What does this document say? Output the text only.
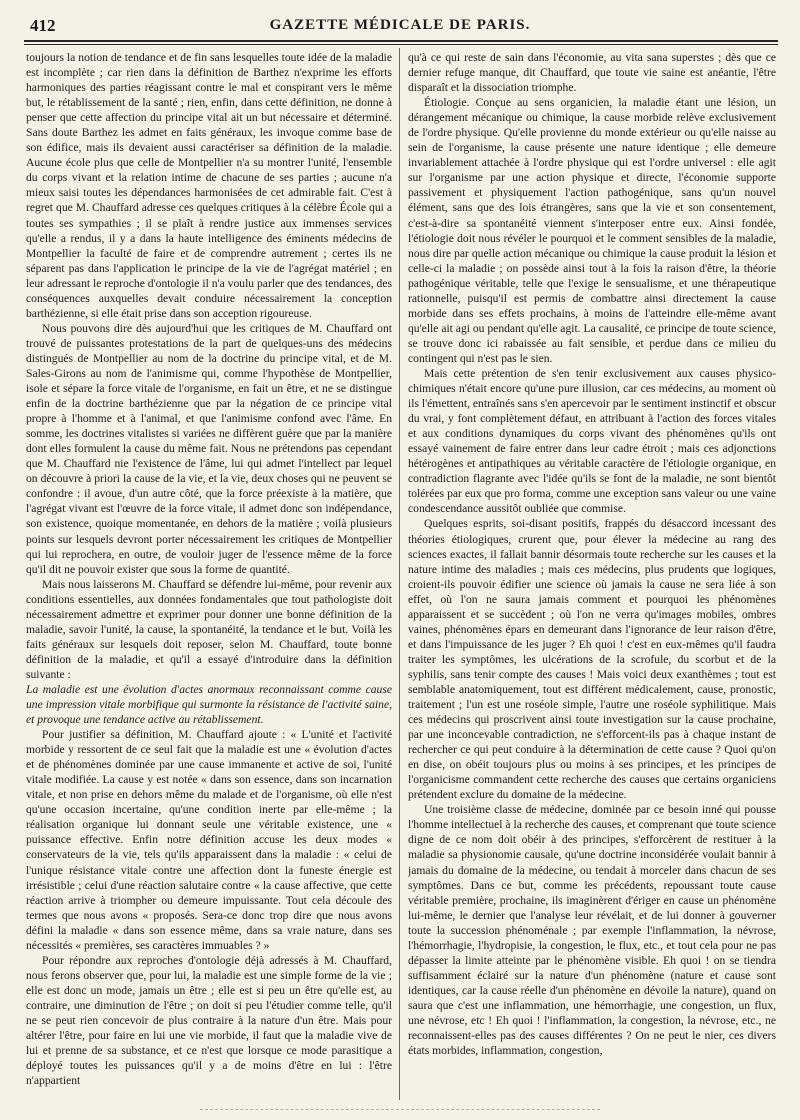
412	GAZETTE MÉDICALE DE PARIS.

toujours la notion de tendance et de fin sans lesquelles toute idée de la maladie est incomplète ; car rien dans la définition de Barthez n'exprime les efforts harmoniques des parties réagissant contre le mal et conspirant vers le même but, le rétablissement de la santé ; rien, enfin, dans cette définition, ne donne à penser que cette affection du principe vital ait un but nécessaire et déterminé. Sans doute Barthez les admet en faits généraux, les invoque comme base de son édifice, mais ils devaient aussi caractériser sa définition de la maladie. Aucune école plus que celle de Montpellier n'a su montrer l'unité, l'ensemble du corps vivant et la relation intime de chacune de ses parties ; aucune n'a mieux saisi toutes les dépendances harmonisées de cet admirable fait. C'est à regret que M. Chauffard adresse ces quelques critiques à la célèbre École qui a toutes ses sympathies ; il se plaît à rendre justice aux immenses services qu'elle a rendus, il y a dans la haute intelligence des éminents médecins de Montpellier la faculté de faire et de comprendre autrement ; certes ils ne séparent pas dans l'application le principe de la vie de l'agrégat matériel ; en leur adressant le reproche d'ontologie il n'a voulu parler que des tendances, des conséquences auxquelles devait conduire nécessairement la conception barthézienne, si elle était prise dans son acception rigoureuse.

Nous pouvons dire dès aujourd'hui que les critiques de M. Chauffard ont trouvé de puissantes protestations de la part de quelques-uns des médecins distingués de Montpellier au nom de la doctrine du principe vital, et de M. Sales-Girons au nom de l'animisme qui, comme l'hypothèse de Montpellier, isole et sépare la force vitale de l'organisme, en fait un être, et ne se distingue enfin de la doctrine barthézienne que par la négation de ce principe vital propre à l'homme et à l'animal, et que l'animisme confond avec l'âme. En somme, les doctrines vitalistes si variées ne diffèrent guère que par la manière dont elles formulent la cause du même fait. Nous ne prétendons pas cependant que M. Chauffard nie l'existence de l'âme, lui qui admet l'intellect par lequel on découvre à priori la cause de la vie, et la vie, deux choses qui ne peuvent se confondre : il avoue, d'un autre côté, que la force préexiste à la matière, que l'agrégat vivant est l'œuvre de la force vitale, il admet donc son indépendance, son existence, quoique momentanée, en dehors de la matière ; voilà plusieurs points sur lesquels devront porter nécessairement les critiques de Montpellier qui lui reprochera, en outre, de vouloir juger de l'essence même de la force qu'il dit ne pouvoir exister que sous la forme de quantité.

Mais nous laisserons M. Chauffard se défendre lui-même, pour revenir aux conditions essentielles, aux données fondamentales que tout pathologiste doit nécessairement admettre et exprimer pour donner une bonne définition de la maladie, savoir l'unité, la cause, la spontanéité, la tendance et le but. Voilà les faits généraux sur lesquels doit reposer, selon M. Chauffard, toute bonne définition de la maladie, et qu'il a essayé d'introduire dans la définition suivante :

La maladie est une évolution d'actes anormaux reconnaissant comme cause une impression vitale morbifique qui surmonte la résistance de l'activité saine, et provoque une tendance active au rétablissement.

Pour justifier sa définition, M. Chauffard ajoute : « L'unité et l'activité morbide y ressortent de ce seul fait que la maladie est une « évolution d'actes et de phénomènes dominée par une cause immanente et active de soi, l'unité vitale modifiée. La cause y est notée « dans son essence, dans son incarnation vitale, et non prise en dehors même du malade et de l'organisme, où elle n'est qu'une occasion incertaine, qu'une condition inerte par elle-même ; la réalisation organique lui donnant seule une véritable existence, une « puissance effective. Enfin notre définition accuse les deux modes « conservateurs de la vie, tels qu'ils apparaissent dans la maladie : « celui de l'unique résistance vitale contre une affection dont la funeste énergie est irrésistible ; celui d'une réaction salutaire contre « la cause affective, que cette réaction arrive à triompher ou demeure impuissante. Tout cela découle des termes que nous avons « proposés. Sera-ce donc trop dire que nous avons défini la maladie « dans son essence même, dans sa vraie nature, dans ses nécessités « premières, ses caractères immuables ? »

Pour répondre aux reproches d'ontologie déjà adressés à M. Chauffard, nous ferons observer que, pour lui, la maladie est une simple forme de la vie ; elle est donc un mode, jamais un être ; elle est si peu un être qu'elle est, au contraire, une diminution de l'être ; on doit si peu l'étudier comme telle, qu'il ne se peut rien concevoir de plus contraire à la nature d'un être. Mais pour altérer l'être, pour faire en lui une vie morbide, il faut que la maladie vive de lui et prenne de sa substance, et ce n'est que lorsque ce mode parasitique a déployé toutes les puissances qu'il y a de moins d'être en lui : l'être n'appartient

qu'à ce qui reste de sain dans l'économie, au vita sana superstes ; dès que ce dernier refuge manque, dit Chauffard, que toute vie saine est anéantie, l'être disparaît et la dissociation triomphe.

Étiologie. Conçue au sens organicien, la maladie étant une lésion, un dérangement mécanique ou chimique, la cause morbide relève exclusivement de l'ordre physique. Qu'elle provienne du monde extérieur ou qu'elle naisse au sein de l'organisme, la cause présente une nature identique ; elle demeure invariablement attachée à l'ordre physique qui est l'ordre universel : elle agit sur l'organisme par une action physique et directe, l'économie supporte passivement et physiquement l'action pathogénique, sans qu'un nouvel élément, sans que des lois étrangères, sans que la vie et son consentement, c'est-à-dire sa spontanéité viennent s'interposer entre eux. Ainsi fondée, l'étiologie doit nous révéler le pourquoi et le comment sensibles de la maladie, nous dire par quelle action mécanique ou chimique la cause produit la lésion et celle-ci la maladie ; on possède ainsi tout à la fois la raison d'être, la théorie pathogénique véritable, telle que l'exige le sensualisme, et une thérapeutique rationnelle, puisqu'il est permis de combattre ainsi directement la cause morbide dans ses effets prochains, à moins de l'atteindre elle-même avant qu'elle ait agi ou pendant qu'elle agit. La causalité, ce principe de toute science, se trouve donc ici rabaissée au fait sensible, et perdue dans ce milieu du contingent qui n'est pas le sien.

Mais cette prétention de s'en tenir exclusivement aux causes physico-chimiques n'était encore qu'une pure illusion, car ces médecins, au moment où ils l'émettent, entraînés sans s'en apercevoir par le sentiment instinctif et obscur du vrai, y font complètement défaut, en attribuant à l'action des forces vitales et aux conditions dynamiques du corps vivant des phénomènes qu'ils ont essayé vainement de faire entrer dans leur cadre étroit ; mais ces adjonctions hétérogènes et antipathiques au véritable caractère de l'étiologie organique, en contradiction flagrante avec l'idée qu'ils se font de la maladie, ne sont bientôt tolérées par eux que pro forma, comme une exception sans valeur ou une vaine condescendance aussitôt oubliée que commise.

Quelques esprits, soi-disant positifs, frappés du désaccord incessant des théories étiologiques, crurent que, pour élever la médecine au rang des sciences exactes, il fallait bannir désormais toute recherche sur les causes et la nature intime des maladies ; mais ces médecins, plus prudents que logiques, croient-ils pouvoir édifier une science où jamais la cause ne sera liée à son effet, où l'on ne saura jamais comment et pourquoi les phénomènes apparaissent et se succèdent ; où l'on ne verra qu'images mobiles, ombres vaines, phénomènes épars en demeurant dans l'ignorance de leur raison d'être, et dans l'impuissance de les juger ? Eh quoi ! c'est en eux-mêmes qu'il faudra traiter les symptômes, les ulcérations de la scrofule, du scorbut et de la syphilis, sans tenir compte des causes ! Mais voici deux exanthèmes ; tout est semblable anatomiquement, tout est différent médicalement, cause, pronostic, traitement ; l'un est une roséole simple, l'autre une roséole syphilitique. Mais ces médecins qui proscrivent ainsi toute investigation sur la cause prochaine, par une inconcevable contradiction, ne s'efforcent-ils pas à chaque instant de rechercher ce qui peut conduire à la détermination de cette cause ? Quoi qu'on en dise, on obéit toujours plus ou moins à ses principes, et les principes de l'organicisme commandent cette recherche des causes que certains organiciens prétendent exclure du domaine de la médecine.

Une troisième classe de médecine, dominée par ce besoin inné qui pousse l'homme intellectuel à la recherche des causes, et comprenant que toute science digne de ce nom doit obéir à des principes, s'efforcèrent de restituer à la maladie sa physionomie causale, qu'une doctrine inconsidérée voulait bannir à jamais du domaine de la médecine, ou tendait à morceler dans chacun de ses symptômes. Dans ce but, comme les précédents, repoussant toute cause véritable première, prochaine, ils imaginèrent d'ériger en cause un phénomène lui-même, le dernier que l'analyse leur révélait, et de lui donner à gouverner toute la succession phénoménale ; par exemple l'inflammation, la névrose, l'hémorrhagie, l'hydropisie, la congestion, le flux, etc., et tout cela pour ne pas dépasser la limite atteinte par le phénomène visible. Eh quoi ! on se tiendra suffisamment éclairé sur la nature d'un phénomène (nature et cause sont identiques, car la cause réelle d'un phénomène en dévoile la nature), quand on saura que c'est une inflammation, une hémorrhagie, une congestion, un flux, une névrose, etc ! Eh quoi ! l'inflammation, la congestion, la névrose, etc., ne reconnaissent-elles pas des causes différentes ? On ne peut le nier, ces divers états morbides, inflammation, congestion,
